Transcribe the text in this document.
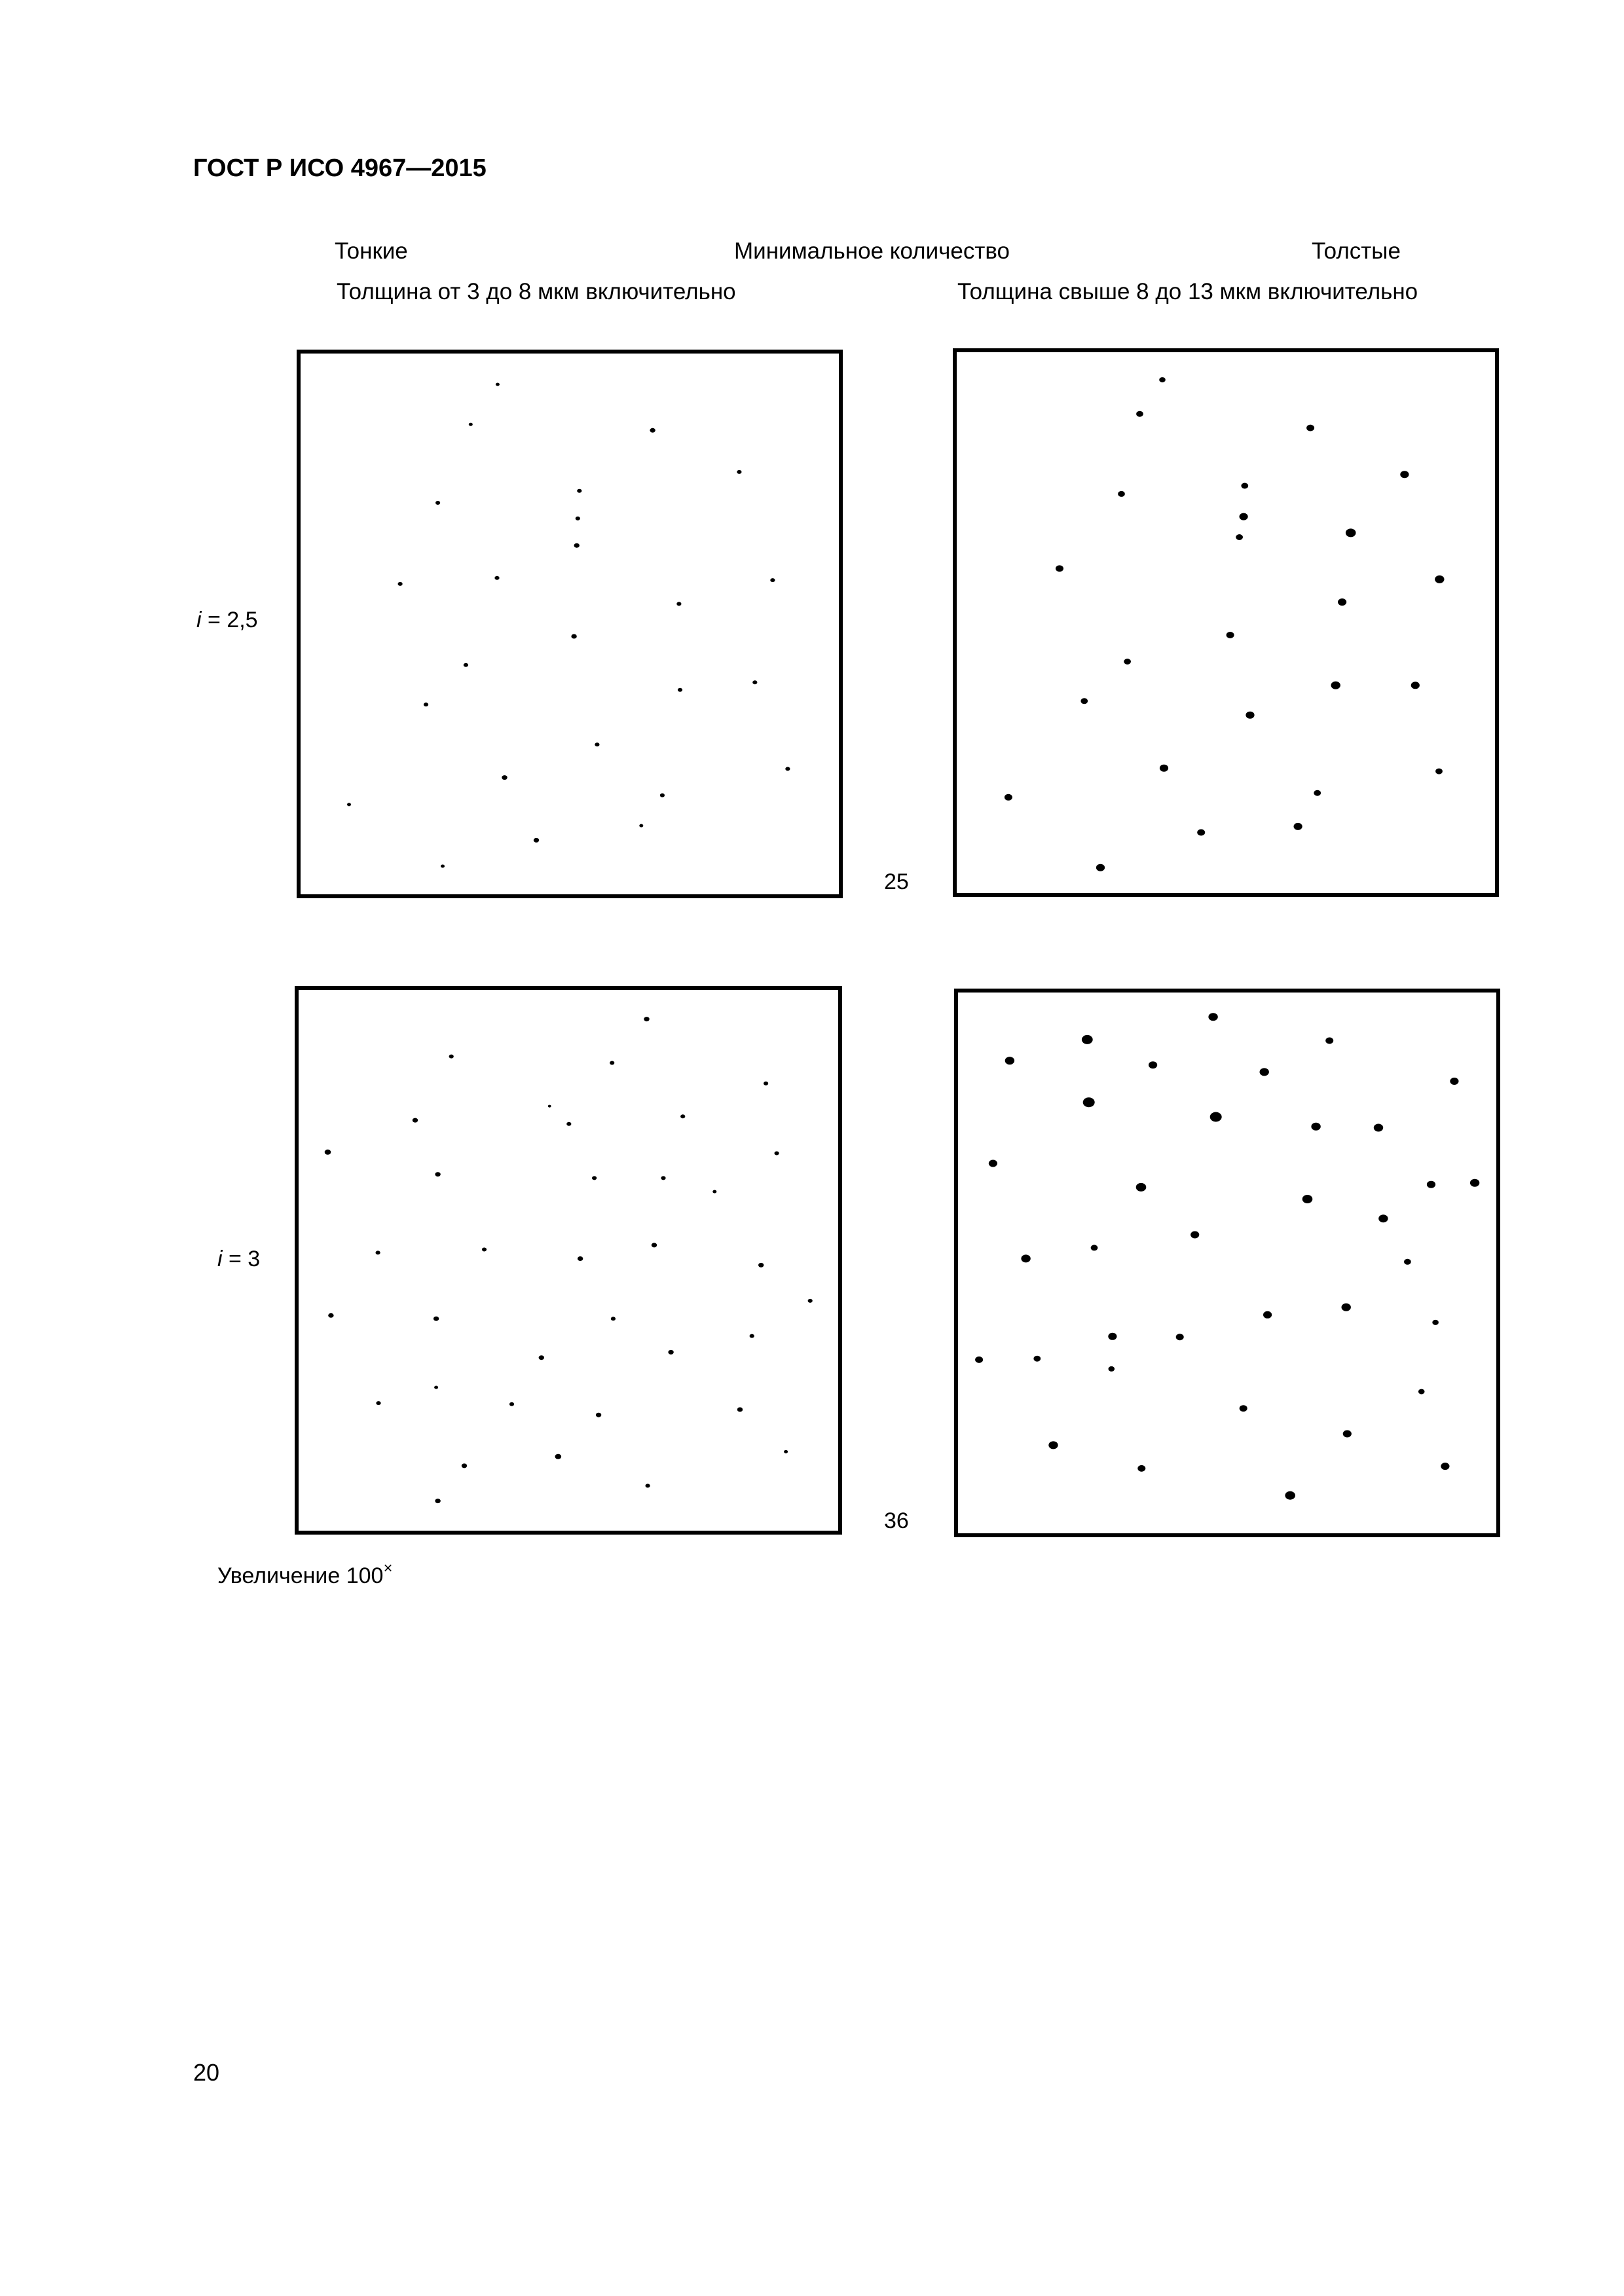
ГОСТ Р ИСО 4967—2015
Тонкие	Минимальное количество	Толстые
Толщина от 3 до 8 мкм включительно	Толщина свыше 8 до 13 мкм включительно
i = 2,5
25
i = 3
36
Увеличение 100×
20
